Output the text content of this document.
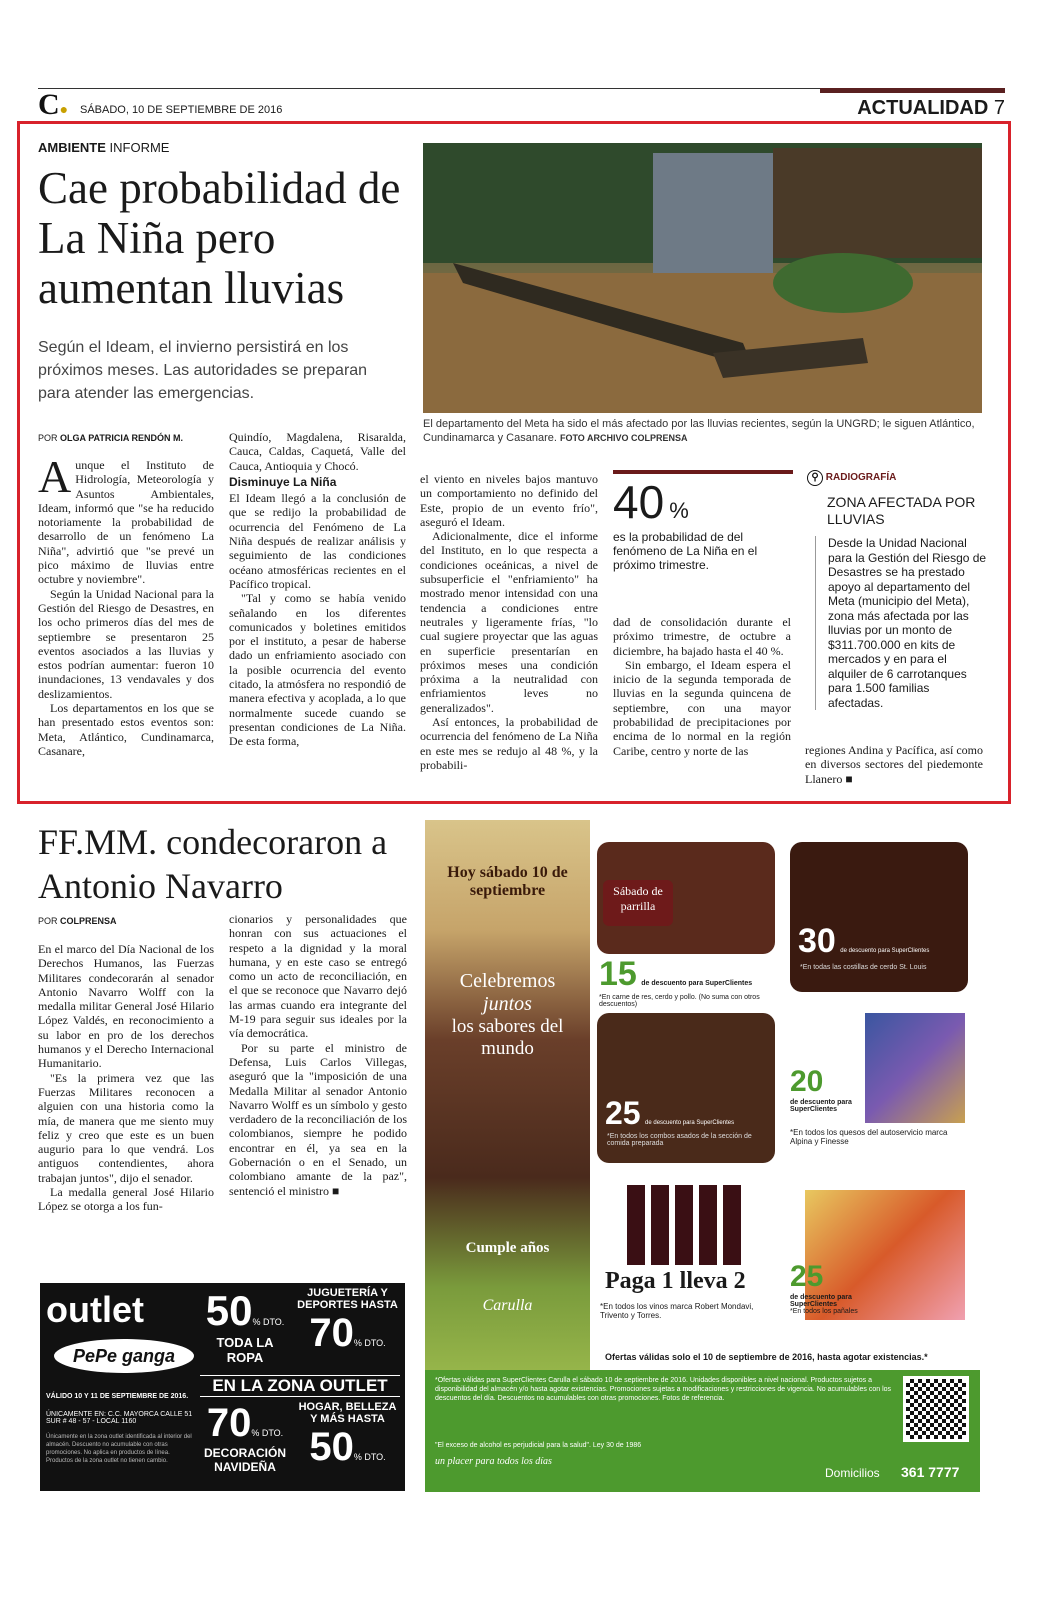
C● SÁBADO, 10 DE SEPTIEMBRE DE 2016	ACTUALIDAD 7
AMBIENTE INFORME
Cae probabilidad de La Niña pero aumentan lluvias
Según el Ideam, el invierno persistirá en los próximos meses. Las autoridades se preparan para atender las emergencias.
POR OLGA PATRICIA RENDÓN M.
A unque el Instituto de Hidrología, Meteorología y Asuntos Ambientales, Ideam, informó que "se ha reducido notoriamente la probabilidad de desarrollo de un fenómeno La Niña", advirtió que "se prevé un pico máximo de lluvias entre octubre y noviembre".

Según la Unidad Nacional para la Gestión del Riesgo de Desastres, en los ocho primeros días del mes de septiembre se presentaron 25 eventos asociados a las lluvias y estos podrían aumentar: fueron 10 inundaciones, 13 vendavales y dos deslizamientos.

Los departamentos en los que se han presentado estos eventos son: Meta, Atlántico, Cundinamarca, Casanare,

Quindío, Magdalena, Risaralda, Cauca, Caldas, Caquetá, Valle del Cauca, Antioquia y Chocó.
Disminuye La Niña
El Ideam llegó a la conclusión de que se redijo la probabilidad de ocurrencia del Fenómeno de La Niña después de realizar análisis y seguimiento de las condiciones océano atmosféricas recientes en el Pacífico tropical.

"Tal y como se había venido señalando en los diferentes comunicados y boletines emitidos por el instituto, a pesar de haberse dado un enfriamiento asociado con la posible ocurrencia del evento citado, la atmósfera no respondió de manera efectiva y acoplada, a lo que normalmente sucede cuando se presentan condiciones de La Niña. De esta forma,

El departamento del Meta ha sido el más afectado por las lluvias recientes, según la UNGRD; le siguen Atlántico, Cundinamarca y Casanare. FOTO ARCHIVO COLPRENSA
el viento en niveles bajos mantuvo un comportamiento no definido del Este, propio de un evento frío", aseguró el Ideam.

Adicionalmente, dice el informe del Instituto, en lo que respecta a condiciones oceánicas, a nivel de subsuperficie el "enfriamiento" ha mostrado menor intensidad con una tendencia a condiciones entre neutrales y ligeramente frías, "lo cual sugiere proyectar que las aguas en superficie presentarían en próximos meses una condición próxima a la neutralidad con enfriamientos leves no generalizados".

Así entonces, la probabilidad de ocurrencia del fenómeno de La Niña en este mes se redujo al 48 %, y la probabili-

40 %
es la probabilidad de del fenómeno de La Niña en el próximo trimestre.
dad de consolidación durante el próximo trimestre, de octubre a diciembre, ha bajado hasta el 40 %.

Sin embargo, el Ideam espera el inicio de la segunda temporada de lluvias en la segunda quincena de septiembre, con una mayor probabilidad de precipitaciones por encima de lo normal en la región Caribe, centro y norte de las

⚲ RADIOGRAFÍA
ZONA AFECTADA POR LLUVIAS
Desde la Unidad Nacional para la Gestión del Riesgo de Desastres se ha prestado apoyo al departamento del Meta (municipio del Meta), zona más afectada por las lluvias por un monto de $311.700.000 en kits de mercados y en para el alquiler de 6 carrotanques para 1.500 familias afectadas.
regiones Andina y Pacífica, así como en diversos sectores del piedemonte Llanero ■
FF.MM. condecoraron a Antonio Navarro
POR COLPRENSA
En el marco del Día Nacional de los Derechos Humanos, las Fuerzas Militares condecorarán al senador Antonio Navarro Wolff con la medalla militar General José Hilario López Valdés, en reconocimiento a su labor en pro de los derechos humanos y el Derecho Internacional Humanitario.

"Es la primera vez que las Fuerzas Militares reconocen a alguien con una historia como la mía, de manera que me siento muy feliz y creo que este es un buen augurio para lo que vendrá. Los antiguos contendientes, ahora trabajan juntos", dijo el senador.

La medalla general José Hilario López se otorga a los fun-

cionarios y personalidades que honran con sus actuaciones el respeto a la dignidad y la moral humana, y en este caso se entregó como un acto de reconciliación, en el que se reconoce que Navarro dejó las armas cuando era integrante del M-19 para seguir sus ideales por la vía democrática.

Por su parte el ministro de Defensa, Luis Carlos Villegas, aseguró que la "imposición de una Medalla Militar al senador Antonio Navarro Wolff es un símbolo y gesto verdadero de la reconciliación de los colombianos, siempre he podido encontrar en él, ya sea en la Gobernación o en el Senado, un colombiano amante de la paz", sentenció el ministro ■

outlet
PePe ganga
VÁLIDO 10 Y 11 DE SEPTIEMBRE DE 2016.
ÚNICAMENTE EN: C.C. MAYORCA CALLE 51 SUR # 48 - 57 - LOCAL 1160
Únicamente en la zona outlet identificada al interior del almacén. Descuento no acumulable con otras promociones. No aplica en productos de línea. Productos de la zona outlet no tienen cambio.
50% DTO.
TODA LA ROPA
JUGUETERÍA Y DEPORTES HASTA
70% DTO.
EN LA ZONA OUTLET
70% DTO.
DECORACIÓN NAVIDEÑA
HOGAR, BELLEZA Y MÁS HASTA
50% DTO.
Hoy sábado 10 de septiembre
Celebremos
juntos
los sabores del mundo
Cumple años
Carulla
Sábado de parrilla
15 de descuento para SuperClientes
*En carne de res, cerdo y pollo. (No suma con otros descuentos)
30 de descuento para SuperClientes
*En todas las costillas de cerdo St. Louis
25 de descuento para SuperClientes
*En todos los combos asados de la sección de comida preparada
20
de descuento para SuperClientes
*En todos los quesos del autoservicio marca Alpina y Finesse
Paga 1 lleva 2
*En todos los vinos marca Robert Mondavi, Trivento y Torres.
25
de descuento para SuperClientes
*En todos los pañales
Ofertas válidas solo el 10 de septiembre de 2016, hasta agotar existencias.*
*Ofertas válidas para SuperClientes Carulla el sábado 10 de septiembre de 2016. Unidades disponibles a nivel nacional. Productos sujetos a disponibilidad del almacén y/o hasta agotar existencias. Promociones sujetas a modificaciones y restricciones de vigencia. No acumulables con los descuentos del día. Descuentos no acumulables con otras promociones. Fotos de referencia.
"El exceso de alcohol es perjudicial para la salud". Ley 30 de 1986
un placer para todos los días
Domicilios 361 7777
